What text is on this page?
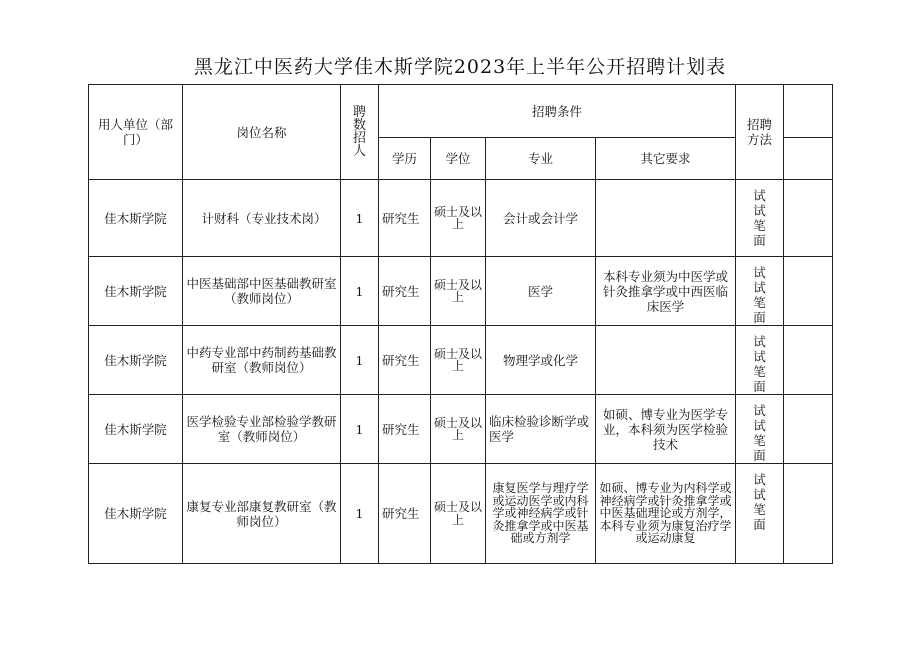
黑龙江中医药大学佳木斯学院2023年上半年公开招聘计划表
用人单位（部门）	岗位名称	聘数招人	招聘条件				招聘方法	

			学历	学位	专业	其它要求		
佳木斯学院	计财科（专业技术岗）	1	研究生	硕士及以上	会计或会计学		试试笔面	

佳木斯学院	中医基础部中医基础教研室（教师岗位）	1	研究生	硕士及以上	医学	本科专业须为中医学或针灸推拿学或中西医临床医学	试试笔面	

佳木斯学院	中药专业部中药制药基础教研室（教师岗位）	1	研究生	硕士及以上	物理学或化学		试试笔面	

佳木斯学院	医学检验专业部检验学教研室（教师岗位）	1	研究生	硕士及以上	临床检验诊断学或医学	如硕、博专业为医学专业，本科须为医学检验技术	试试笔面	

佳木斯学院	康复专业部康复教研室（教师岗位）	1	研究生	硕士及以上	康复医学与理疗学或运动医学或内科学或神经病学或针灸推拿学或中医基础或方剂学	如硕、博专业为内科学或神经病学或针灸推拿学或中医基础理论或方剂学，本科专业须为康复治疗学或运动康复	试试笔面	
